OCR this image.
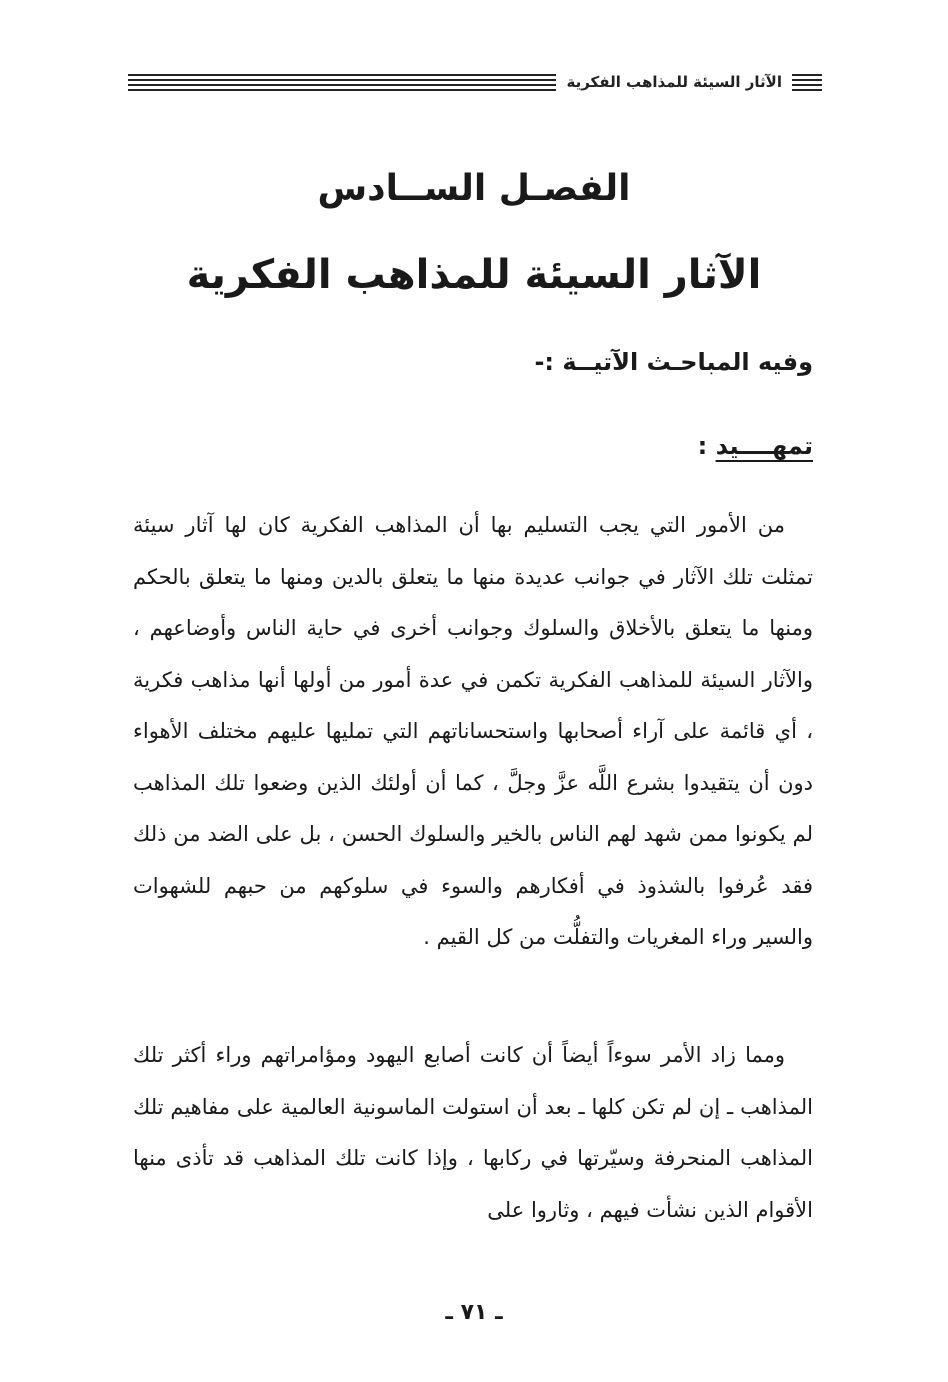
الآثار السيئة للمذاهب الفكرية
الفصـل الســادس
الآثار السيئة للمذاهب الفكرية
وفيه المباحـث الآتيــة :-
تمهــــيد :

من الأمور التي يجب التسليم بها أن المذاهب الفكرية كان لها آثار سيئة تمثلت تلك الآثار في جوانب عديدة منها ما يتعلق بالدين ومنها ما يتعلق بالحكم ومنها ما يتعلق بالأخلاق والسلوك وجوانب أخرى في حاية الناس وأوضاعهم ، والآثار السيئة للمذاهب الفكرية تكمن في عدة أمور من أولها أنها مذاهب فكرية ، أي قائمة على آراء أصحابها واستحساناتهم التي تمليها عليهم مختلف الأهواء دون أن يتقيدوا بشرع اللَّه عزَّ وجلَّ ، كما أن أولئك الذين وضعوا تلك المذاهب لم يكونوا ممن شهد لهم الناس بالخير والسلوك الحسن ، بل على الضد من ذلك فقد عُرفوا بالشذوذ في أفكارهم والسوء في سلوكهم من حبهم للشهوات والسير وراء المغريات والتفلُّت من كل القيم .

ومما زاد الأمر سوءاً أيضاً أن كانت أصابع اليهود ومؤامراتهم وراء أكثر تلك المذاهب ـ إن لم تكن كلها ـ بعد أن استولت الماسونية العالمية على مفاهيم تلك المذاهب المنحرفة وسيّرتها في ركابها ، وإذا كانت تلك المذاهب قد تأذى منها الأقوام الذين نشأت فيهم ، وثاروا على

ـ ٧١ ـ
